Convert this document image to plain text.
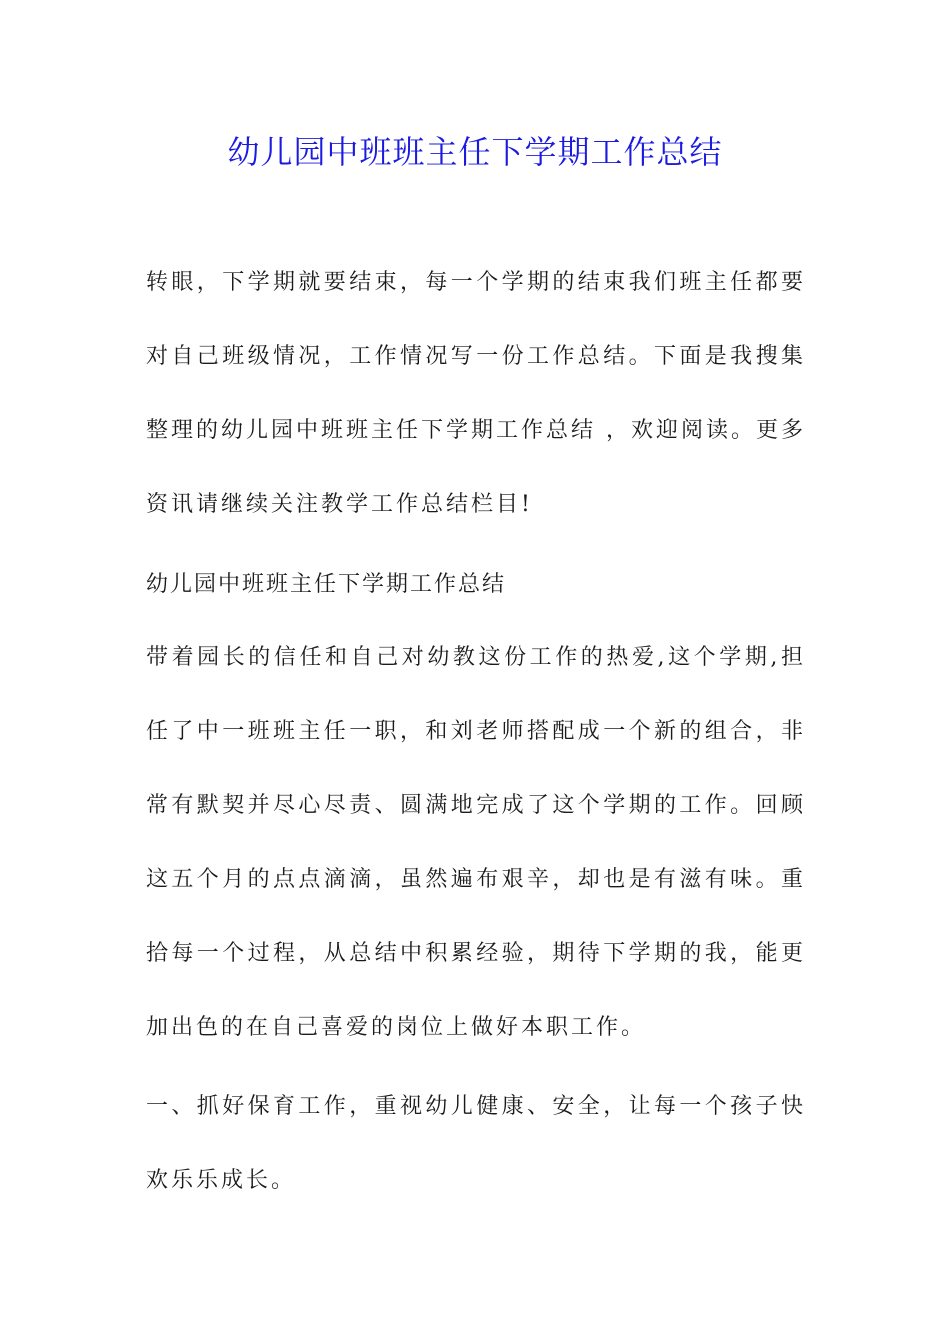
幼儿园中班班主任下学期工作总结
转眼，下学期就要结束，每一个学期的结束我们班主任都要对自己班级情况，工作情况写一份工作总结。下面是我搜集整理的幼儿园中班班主任下学期工作总结 ，欢迎阅读。更多资讯请继续关注教学工作总结栏目!
幼儿园中班班主任下学期工作总结
带着园长的信任和自己对幼教这份工作的热爱,这个学期,担任了中一班班主任一职，和刘老师搭配成一个新的组合，非常有默契并尽心尽责、圆满地完成了这个学期的工作。回顾这五个月的点点滴滴，虽然遍布艰辛，却也是有滋有味。重拾每一个过程，从总结中积累经验，期待下学期的我，能更加出色的在自己喜爱的岗位上做好本职工作。
一、抓好保育工作，重视幼儿健康、安全，让每一个孩子快欢乐乐成长。
